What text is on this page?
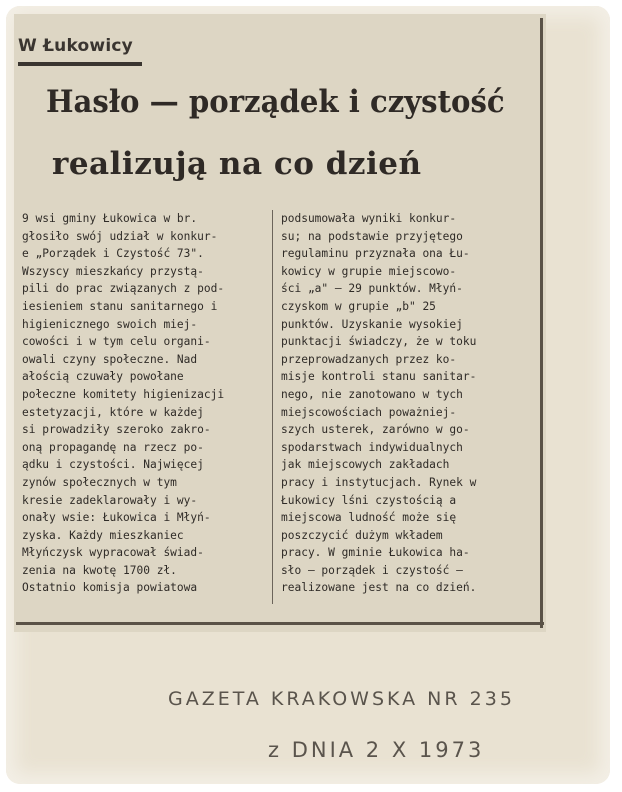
W Łukowicy
Hasło — porządek i czystość
realizują na co dzień
9 wsi gminy Łukowica w br.
głosiło swój udział w konkur-
e „Porządek i Czystość 73".
Wszyscy mieszkańcy przystą-
pili do prac związanych z pod-
iesieniem stanu sanitarnego i
higienicznego swoich miej-
cowości i w tym celu organi-
owali czyny społeczne. Nad
ałością czuwały powołane
połeczne komitety higienizacji
estetyzacji, które w każdej
si prowadziły szeroko zakro-
oną propagandę na rzecz po-
ądku i czystości. Najwięcej
zynów społecznych w tym
kresie zadeklarowały i wy-
onały wsie: Łukowica i Młyń-
zyska. Każdy mieszkaniec
Młyńczysk wypracował świad-
zenia na kwotę 1700 zł.
Ostatnio komisja powiatowa
podsumowała wyniki konkur-
su; na podstawie przyjętego
regulaminu przyznała ona Łu-
kowicy w grupie miejscowo-
ści „a" — 29 punktów. Młyń-
czyskom w grupie „b" 25
punktów. Uzyskanie wysokiej
punktacji świadczy, że w toku
przeprowadzanych przez ko-
misje kontroli stanu sanitar-
nego, nie zanotowano w tych
miejscowościach poważniej-
szych usterek, zarówno w go-
spodarstwach indywidualnych
jak miejscowych zakładach
pracy i instytucjach. Rynek w
Łukowicy lśni czystością a
miejscowa ludność może się
poszczycić dużym wkładem
pracy. W gminie Łukowica ha-
sło — porządek i czystość —
realizowane jest na co dzień.
GAZETA KRAKOWSKA NR 235
z DNIA 2 X 1973
